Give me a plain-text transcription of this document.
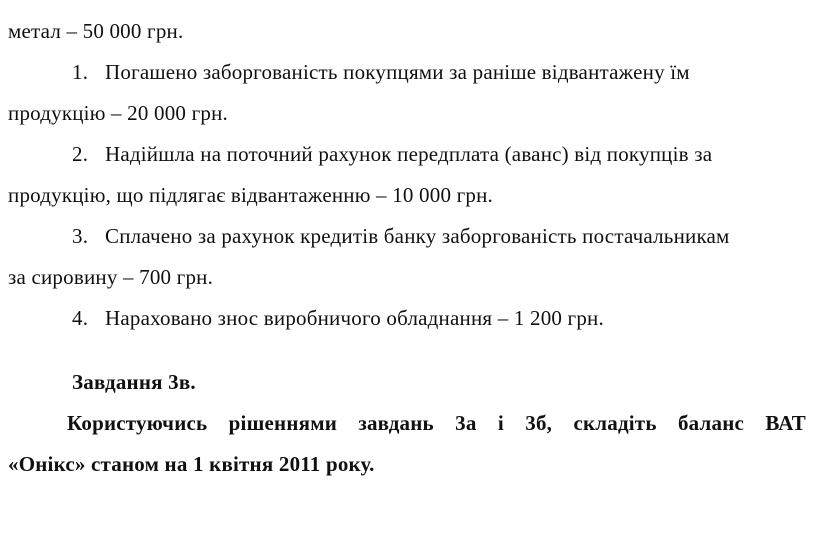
метал – 50 000 грн.
1. Погашено заборгованість покупцями за раніше відвантажену їм
продукцію – 20 000 грн.
2. Надійшла на поточний рахунок передплата (аванс) від покупців за
продукцію, що підлягає відвантаженню – 10 000 грн.
3. Сплачено за рахунок кредитів банку заборгованість постачальникам
за сировину – 700 грн.
4. Нараховано знос виробничого обладнання – 1 200 грн.
Завдання 3в.
Користуючись рішеннями завдань 3а і 3б, складіть баланс ВАТ
«Онікс» станом на 1 квітня 2011 року.
